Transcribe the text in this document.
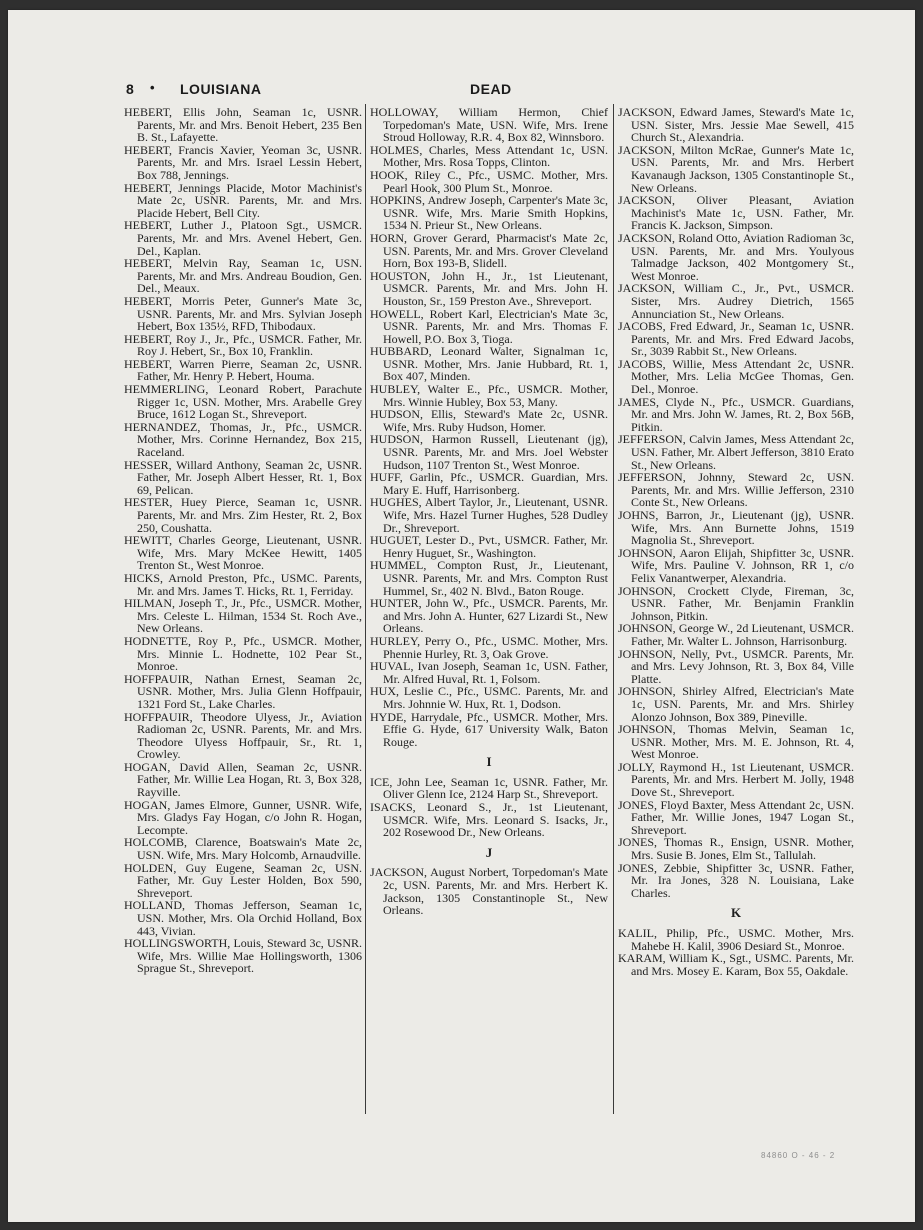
8 • LOUISIANA	DEAD

HEBERT, Ellis John, Seaman 1c, USNR. Parents, Mr. and Mrs. Benoit Hebert, 235 Ben B. St., Lafayette.

HEBERT, Francis Xavier, Yeoman 3c, USNR. Parents, Mr. and Mrs. Israel Lessin Hebert, Box 788, Jennings.

HEBERT, Jennings Placide, Motor Machinist's Mate 2c, USNR. Parents, Mr. and Mrs. Placide Hebert, Bell City.

HEBERT, Luther J., Platoon Sgt., USMCR. Parents, Mr. and Mrs. Avenel Hebert, Gen. Del., Kaplan.

HEBERT, Melvin Ray, Seaman 1c, USN. Parents, Mr. and Mrs. Andreau Boudion, Gen. Del., Meaux.

HEBERT, Morris Peter, Gunner's Mate 3c, USNR. Parents, Mr. and Mrs. Sylvian Joseph Hebert, Box 135½, RFD, Thibodaux.

HEBERT, Roy J., Jr., Pfc., USMCR. Father, Mr. Roy J. Hebert, Sr., Box 10, Franklin.

HEBERT, Warren Pierre, Seaman 2c, USNR. Father, Mr. Henry P. Hebert, Houma.

HEMMERLING, Leonard Robert, Parachute Rigger 1c, USN. Mother, Mrs. Arabelle Grey Bruce, 1612 Logan St., Shreveport.

HERNANDEZ, Thomas, Jr., Pfc., USMCR. Mother, Mrs. Corinne Hernandez, Box 215, Raceland.

HESSER, Willard Anthony, Seaman 2c, USNR. Father, Mr. Joseph Albert Hesser, Rt. 1, Box 69, Pelican.

HESTER, Huey Pierce, Seaman 1c, USNR. Parents, Mr. and Mrs. Zim Hester, Rt. 2, Box 250, Coushatta.

HEWITT, Charles George, Lieutenant, USNR. Wife, Mrs. Mary McKee Hewitt, 1405 Trenton St., West Monroe.

HICKS, Arnold Preston, Pfc., USMC. Parents, Mr. and Mrs. James T. Hicks, Rt. 1, Ferriday.

HILMAN, Joseph T., Jr., Pfc., USMCR. Mother, Mrs. Celeste L. Hilman, 1534 St. Roch Ave., New Orleans.

HODNETTE, Roy P., Pfc., USMCR. Mother, Mrs. Minnie L. Hodnette, 102 Pear St., Monroe.

HOFFPAUIR, Nathan Ernest, Seaman 2c, USNR. Mother, Mrs. Julia Glenn Hoffpauir, 1321 Ford St., Lake Charles.

HOFFPAUIR, Theodore Ulyess, Jr., Aviation Radioman 2c, USNR. Parents, Mr. and Mrs. Theodore Ulyess Hoffpauir, Sr., Rt. 1, Crowley.

HOGAN, David Allen, Seaman 2c, USNR. Father, Mr. Willie Lea Hogan, Rt. 3, Box 328, Rayville.

HOGAN, James Elmore, Gunner, USNR. Wife, Mrs. Gladys Fay Hogan, c/o John R. Hogan, Lecompte.

HOLCOMB, Clarence, Boatswain's Mate 2c, USN. Wife, Mrs. Mary Holcomb, Arnaudville.

HOLDEN, Guy Eugene, Seaman 2c, USN. Father, Mr. Guy Lester Holden, Box 590, Shreveport.

HOLLAND, Thomas Jefferson, Seaman 1c, USN. Mother, Mrs. Ola Orchid Holland, Box 443, Vivian.

HOLLINGSWORTH, Louis, Steward 3c, USNR. Wife, Mrs. Willie Mae Hollingsworth, 1306 Sprague St., Shreveport.

HOLLOWAY, William Hermon, Chief Torpedoman's Mate, USN. Wife, Mrs. Irene Stroud Holloway, R.R. 4, Box 82, Winnsboro.

HOLMES, Charles, Mess Attendant 1c, USN. Mother, Mrs. Rosa Topps, Clinton.

HOOK, Riley C., Pfc., USMC. Mother, Mrs. Pearl Hook, 300 Plum St., Monroe.

HOPKINS, Andrew Joseph, Carpenter's Mate 3c, USNR. Wife, Mrs. Marie Smith Hopkins, 1534 N. Prieur St., New Orleans.

HORN, Grover Gerard, Pharmacist's Mate 2c, USN. Parents, Mr. and Mrs. Grover Cleveland Horn, Box 193-B, Slidell.

HOUSTON, John H., Jr., 1st Lieutenant, USMCR. Parents, Mr. and Mrs. John H. Houston, Sr., 159 Preston Ave., Shreveport.

HOWELL, Robert Karl, Electrician's Mate 3c, USNR. Parents, Mr. and Mrs. Thomas F. Howell, P.O. Box 3, Tioga.

HUBBARD, Leonard Walter, Signalman 1c, USNR. Mother, Mrs. Janie Hubbard, Rt. 1, Box 407, Minden.

HUBLEY, Walter E., Pfc., USMCR. Mother, Mrs. Winnie Hubley, Box 53, Many.

HUDSON, Ellis, Steward's Mate 2c, USNR. Wife, Mrs. Ruby Hudson, Homer.

HUDSON, Harmon Russell, Lieutenant (jg), USNR. Parents, Mr. and Mrs. Joel Webster Hudson, 1107 Trenton St., West Monroe.

HUFF, Garlin, Pfc., USMCR. Guardian, Mrs. Mary E. Huff, Harrisonberg.

HUGHES, Albert Taylor, Jr., Lieutenant, USNR. Wife, Mrs. Hazel Turner Hughes, 528 Dudley Dr., Shreveport.

HUGUET, Lester D., Pvt., USMCR. Father, Mr. Henry Huguet, Sr., Washington.

HUMMEL, Compton Rust, Jr., Lieutenant, USNR. Parents, Mr. and Mrs. Compton Rust Hummel, Sr., 402 N. Blvd., Baton Rouge.

HUNTER, John W., Pfc., USMCR. Parents, Mr. and Mrs. John A. Hunter, 627 Lizardi St., New Orleans.

HURLEY, Perry O., Pfc., USMC. Mother, Mrs. Phennie Hurley, Rt. 3, Oak Grove.

HUVAL, Ivan Joseph, Seaman 1c, USN. Father, Mr. Alfred Huval, Rt. 1, Folsom.

HUX, Leslie C., Pfc., USMC. Parents, Mr. and Mrs. Johnnie W. Hux, Rt. 1, Dodson.

HYDE, Harrydale, Pfc., USMCR. Mother, Mrs. Effie G. Hyde, 617 University Walk, Baton Rouge.

I

ICE, John Lee, Seaman 1c, USNR. Father, Mr. Oliver Glenn Ice, 2124 Harp St., Shreveport.

ISACKS, Leonard S., Jr., 1st Lieutenant, USMCR. Wife, Mrs. Leonard S. Isacks, Jr., 202 Rosewood Dr., New Orleans.

J

JACKSON, August Norbert, Torpedoman's Mate 2c, USN. Parents, Mr. and Mrs. Herbert K. Jackson, 1305 Constantinople St., New Orleans.

JACKSON, Edward James, Steward's Mate 1c, USN. Sister, Mrs. Jessie Mae Sewell, 415 Church St., Alexandria.

JACKSON, Milton McRae, Gunner's Mate 1c, USN. Parents, Mr. and Mrs. Herbert Kavanaugh Jackson, 1305 Constantinople St., New Orleans.

JACKSON, Oliver Pleasant, Aviation Machinist's Mate 1c, USN. Father, Mr. Francis K. Jackson, Simpson.

JACKSON, Roland Otto, Aviation Radioman 3c, USN. Parents, Mr. and Mrs. Youlyous Talmadge Jackson, 402 Montgomery St., West Monroe.

JACKSON, William C., Jr., Pvt., USMCR. Sister, Mrs. Audrey Dietrich, 1565 Annunciation St., New Orleans.

JACOBS, Fred Edward, Jr., Seaman 1c, USNR. Parents, Mr. and Mrs. Fred Edward Jacobs, Sr., 3039 Rabbit St., New Orleans.

JACOBS, Willie, Mess Attendant 2c, USNR. Mother, Mrs. Lelia McGee Thomas, Gen. Del., Monroe.

JAMES, Clyde N., Pfc., USMCR. Guardians, Mr. and Mrs. John W. James, Rt. 2, Box 56B, Pitkin.

JEFFERSON, Calvin James, Mess Attendant 2c, USN. Father, Mr. Albert Jefferson, 3810 Erato St., New Orleans.

JEFFERSON, Johnny, Steward 2c, USN. Parents, Mr. and Mrs. Willie Jefferson, 2310 Conte St., New Orleans.

JOHNS, Barron, Jr., Lieutenant (jg), USNR. Wife, Mrs. Ann Burnette Johns, 1519 Magnolia St., Shreveport.

JOHNSON, Aaron Elijah, Shipfitter 3c, USNR. Wife, Mrs. Pauline V. Johnson, RR 1, c/o Felix Vanantwerper, Alexandria.

JOHNSON, Crockett Clyde, Fireman, 3c, USNR. Father, Mr. Benjamin Franklin Johnson, Pitkin.

JOHNSON, George W., 2d Lieutenant, USMCR. Father, Mr. Walter L. Johnson, Harrisonburg.

JOHNSON, Nelly, Pvt., USMCR. Parents, Mr. and Mrs. Levy Johnson, Rt. 3, Box 84, Ville Platte.

JOHNSON, Shirley Alfred, Electrician's Mate 1c, USN. Parents, Mr. and Mrs. Shirley Alonzo Johnson, Box 389, Pineville.

JOHNSON, Thomas Melvin, Seaman 1c, USNR. Mother, Mrs. M. E. Johnson, Rt. 4, West Monroe.

JOLLY, Raymond H., 1st Lieutenant, USMCR. Parents, Mr. and Mrs. Herbert M. Jolly, 1948 Dove St., Shreveport.

JONES, Floyd Baxter, Mess Attendant 2c, USN. Father, Mr. Willie Jones, 1947 Logan St., Shreveport.

JONES, Thomas R., Ensign, USNR. Mother, Mrs. Susie B. Jones, Elm St., Tallulah.

JONES, Zebbie, Shipfitter 3c, USNR. Father, Mr. Ira Jones, 328 N. Louisiana, Lake Charles.

K

KALIL, Philip, Pfc., USMC. Mother, Mrs. Mahebe H. Kalil, 3906 Desiard St., Monroe.

KARAM, William K., Sgt., USMC. Parents, Mr. and Mrs. Mosey E. Karam, Box 55, Oakdale.

84860 O - 46 - 2
